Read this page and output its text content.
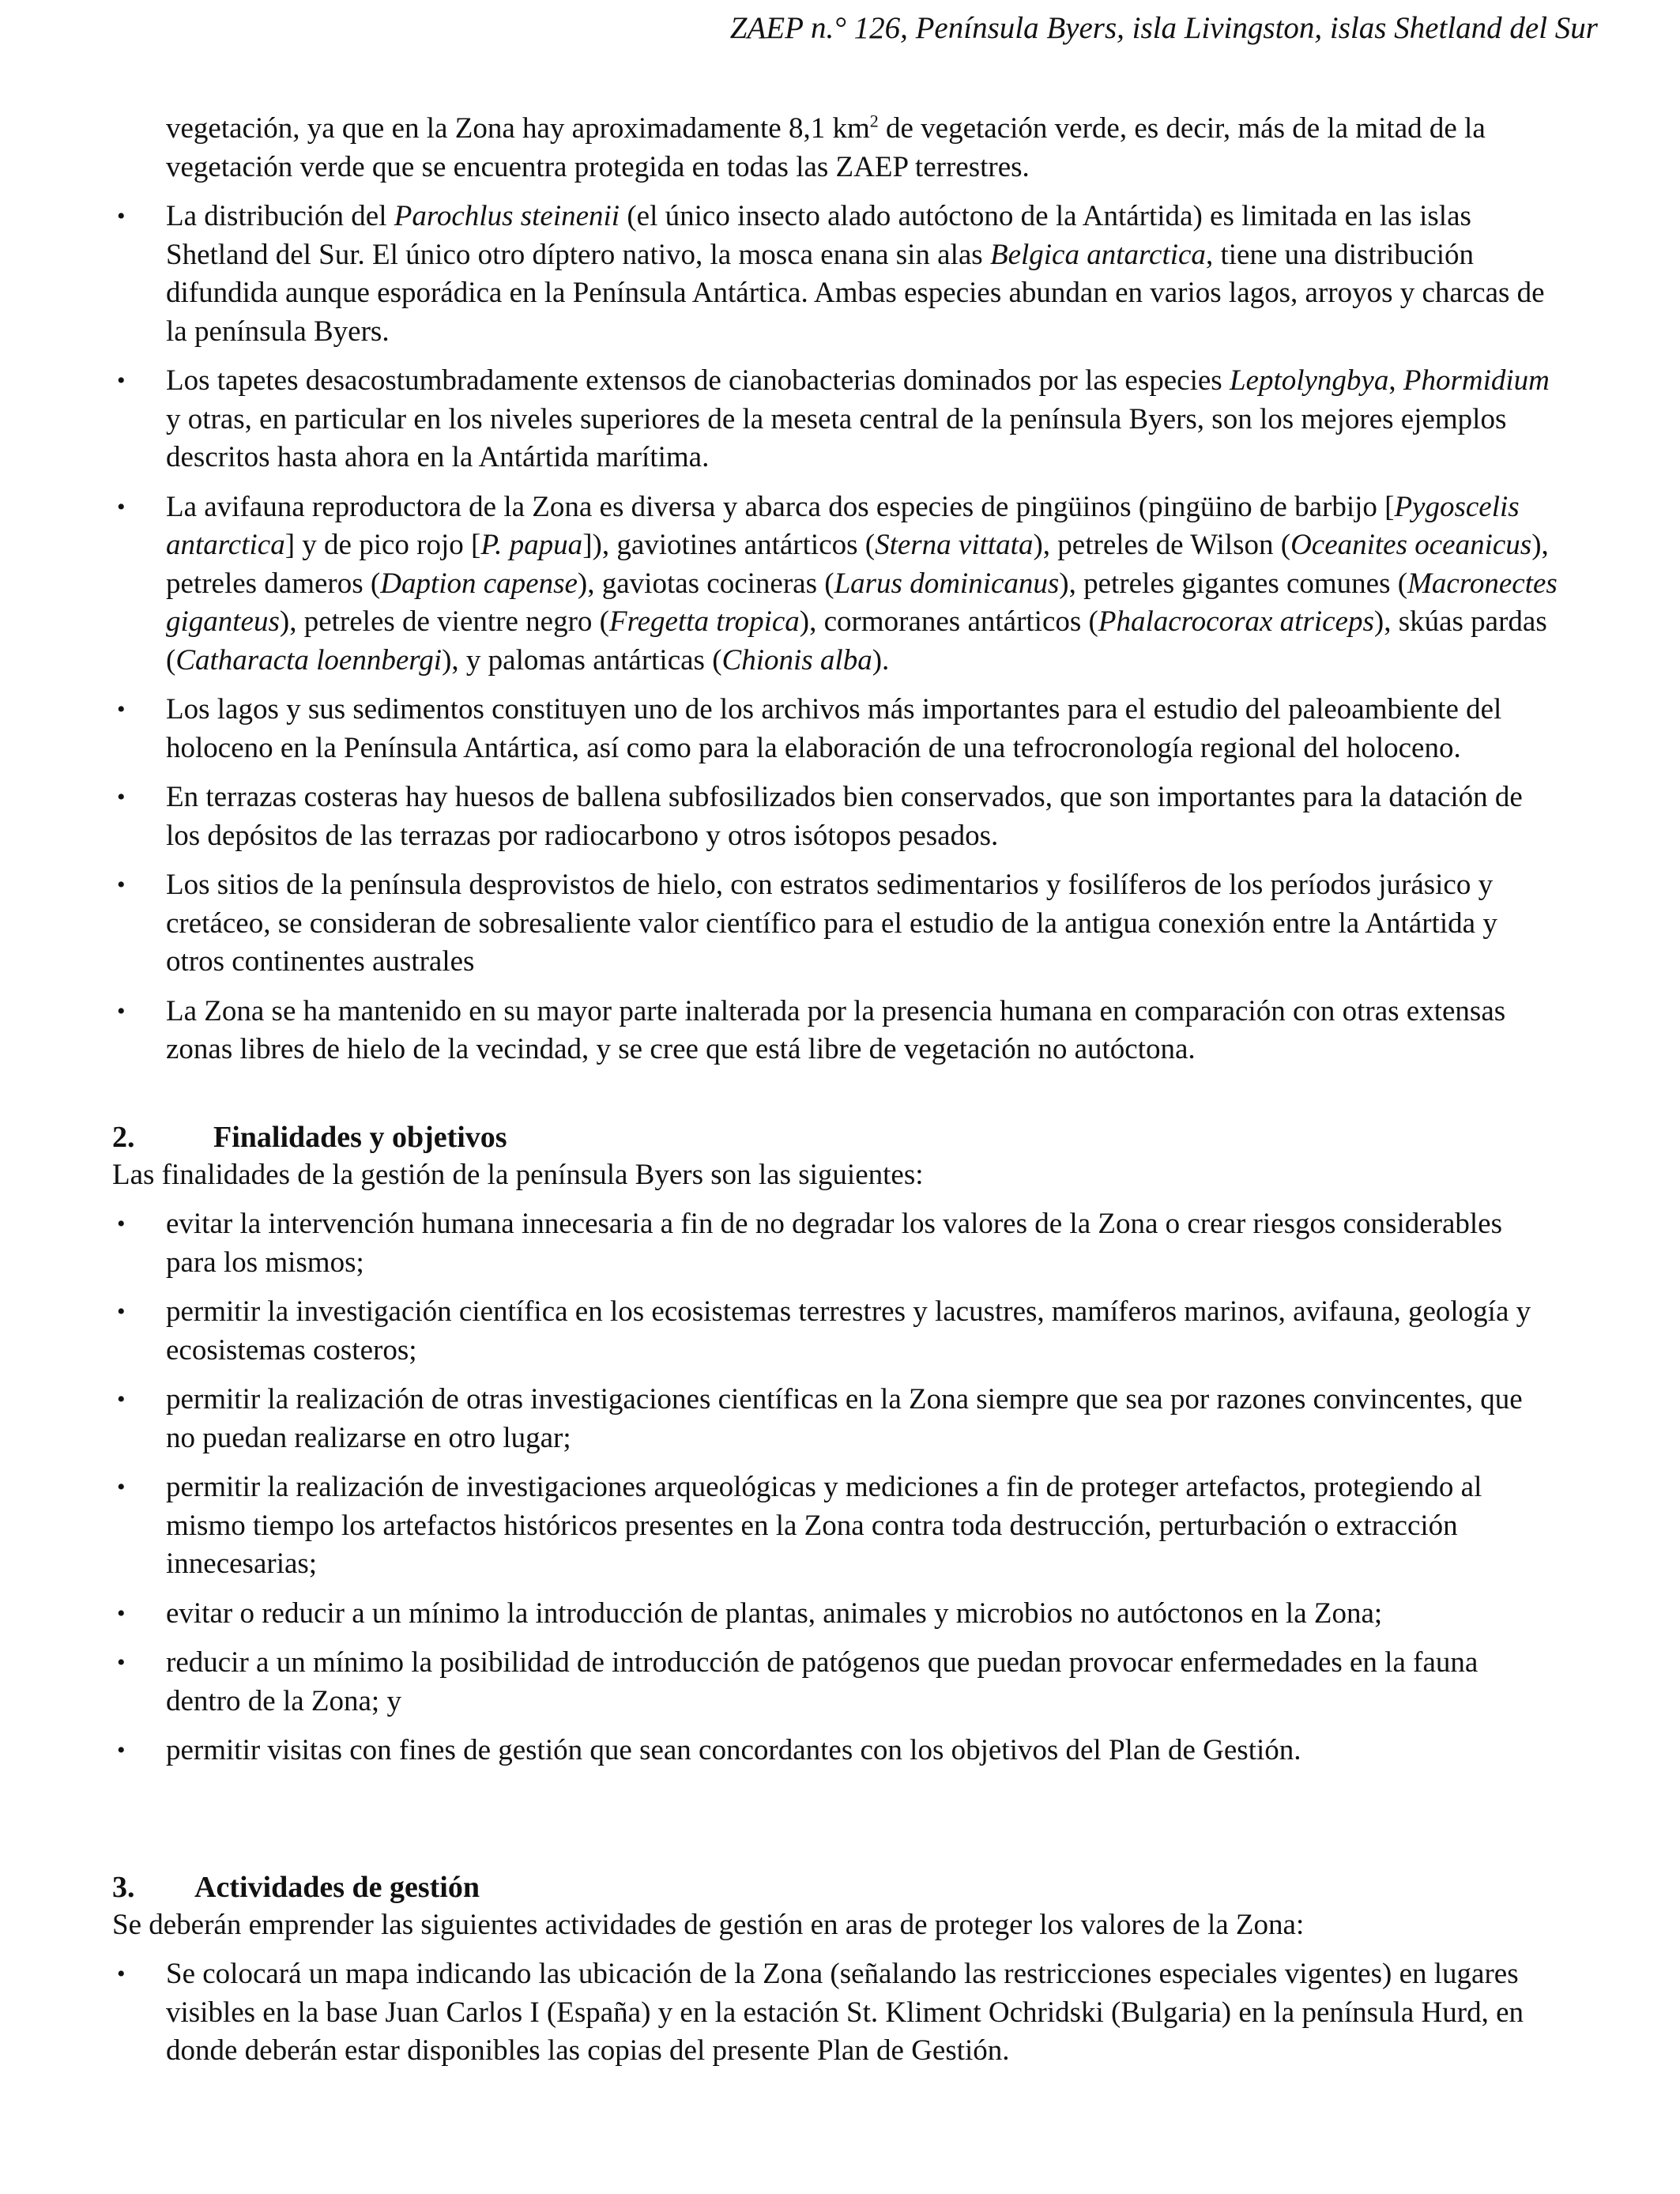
ZAEP n.° 126, Península Byers, isla Livingston, islas Shetland del Sur

vegetación, ya que en la Zona hay aproximadamente 8,1 $km^2$ de vegetación verde, es decir, más de la mitad de la vegetación verde que se encuentra protegida en todas las ZAEP terrestres.

• La distribución del Parochlus steinenii (el único insecto alado autóctono de la Antártida) es limitada en las islas Shetland del Sur. El único otro díptero nativo, la mosca enana sin alas Belgica antarctica, tiene una distribución difundida aunque esporádica en la Península Antártica. Ambas especies abundan en varios lagos, arroyos y charcas de la península Byers.
• Los tapetes desacostumbradamente extensos de cianobacterias dominados por las especies Leptolyngbya, Phormidium y otras, en particular en los niveles superiores de la meseta central de la península Byers, son los mejores ejemplos descritos hasta ahora en la Antártida marítima.
• La avifauna reproductora de la Zona es diversa y abarca dos especies de pingüinos (pingüino de barbijo [Pygoscelis antarctica] y de pico rojo [P. papua]), gaviotines antárticos (Sterna vittata), petreles de Wilson (Oceanites oceanicus), petreles dameros (Daption capense), gaviotas cocineras (Larus dominicanus), petreles gigantes comunes (Macronectes giganteus), petreles de vientre negro (Fregetta tropica), cormoranes antárticos (Phalacrocorax atriceps), skúas pardas (Catharacta loennbergi), y palomas antárticas (Chionis alba).
• Los lagos y sus sedimentos constituyen uno de los archivos más importantes para el estudio del paleoambiente del holoceno en la Península Antártica, así como para la elaboración de una tefrocronología regional del holoceno.
• En terrazas costeras hay huesos de ballena subfosilizados bien conservados, que son importantes para la datación de los depósitos de las terrazas por radiocarbono y otros isótopos pesados.
• Los sitios de la península desprovistos de hielo, con estratos sedimentarios y fosilíferos de los períodos jurásico y cretáceo, se consideran de sobresaliente valor científico para el estudio de la antigua conexión entre la Antártida y otros continentes australes
• La Zona se ha mantenido en su mayor parte inalterada por la presencia humana en comparación con otras extensas zonas libres de hielo de la vecindad, y se cree que está libre de vegetación no autóctona.
2.	Finalidades y objetivos

Las finalidades de la gestión de la península Byers son las siguientes:

• evitar la intervención humana innecesaria a fin de no degradar los valores de la Zona o crear riesgos considerables para los mismos;
• permitir la investigación científica en los ecosistemas terrestres y lacustres, mamíferos marinos, avifauna, geología y ecosistemas costeros;
• permitir la realización de otras investigaciones científicas en la Zona siempre que sea por razones convincentes, que no puedan realizarse en otro lugar;
• permitir la realización de investigaciones arqueológicas y mediciones a fin de proteger artefactos, protegiendo al mismo tiempo los artefactos históricos presentes en la Zona contra toda destrucción, perturbación o extracción innecesarias;
• evitar o reducir a un mínimo la introducción de plantas, animales y microbios no autóctonos en la Zona;
• reducir a un mínimo la posibilidad de introducción de patógenos que puedan provocar enfermedades en la fauna dentro de la Zona; y
• permitir visitas con fines de gestión que sean concordantes con los objetivos del Plan de Gestión.
3.	Actividades de gestión

Se deberán emprender las siguientes actividades de gestión en aras de proteger los valores de la Zona:

• Se colocará un mapa indicando las ubicación de la Zona (señalando las restricciones especiales vigentes) en lugares visibles en la base Juan Carlos I (España) y en la estación St. Kliment Ochridski (Bulgaria) en la península Hurd, en donde deberán estar disponibles las copias del presente Plan de Gestión.
